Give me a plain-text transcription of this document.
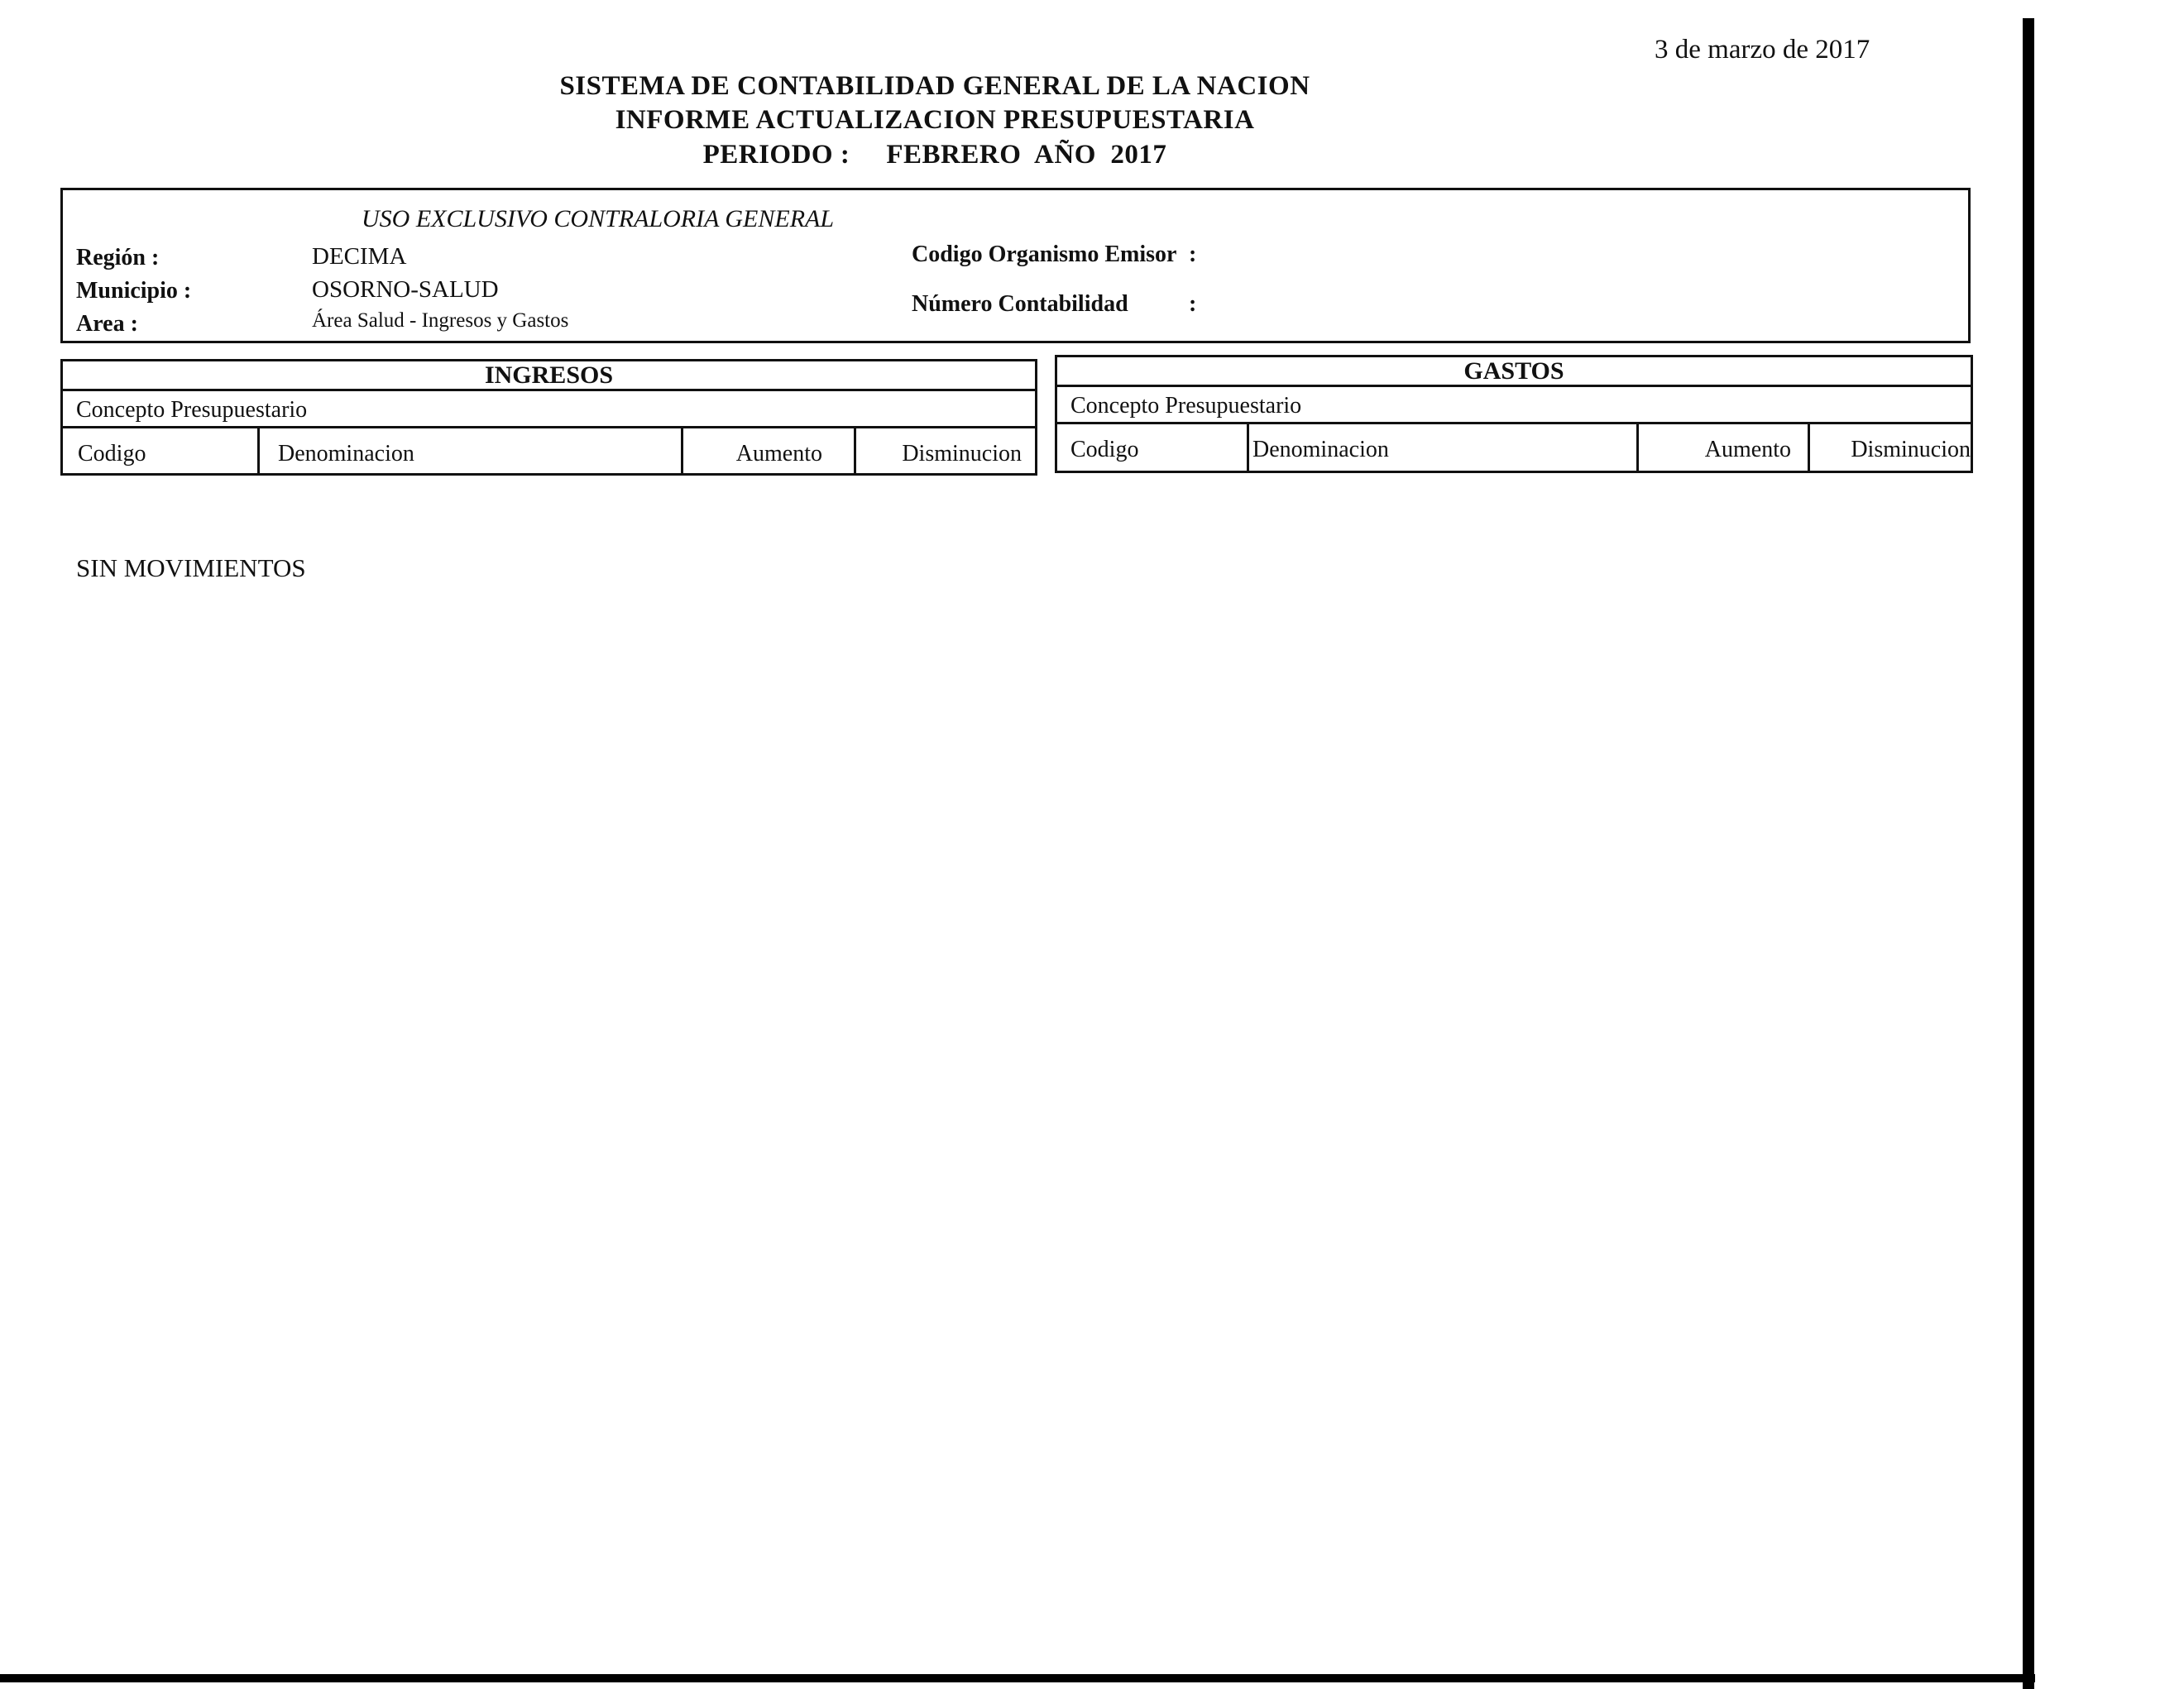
3 de marzo de 2017
SISTEMA DE CONTABILIDAD GENERAL DE LA NACION
INFORME ACTUALIZACION PRESUPUESTARIA
PERIODO : FEBRERO  AÑO  2017
USO EXCLUSIVO CONTRALORIA GENERAL
Región :	DECIMA
Municipio :	OSORNO-SALUD
Area :	Área Salud - Ingresos y Gastos
Codigo Organismo Emisor :
Número Contabilidad	:
INGRESOS
Concepto Presupuestario
Codigo	Denominacion	Aumento	Disminucion
GASTOS
Concepto Presupuestario
Codigo	Denominacion	Aumento	Disminucion
SIN MOVIMIENTOS
